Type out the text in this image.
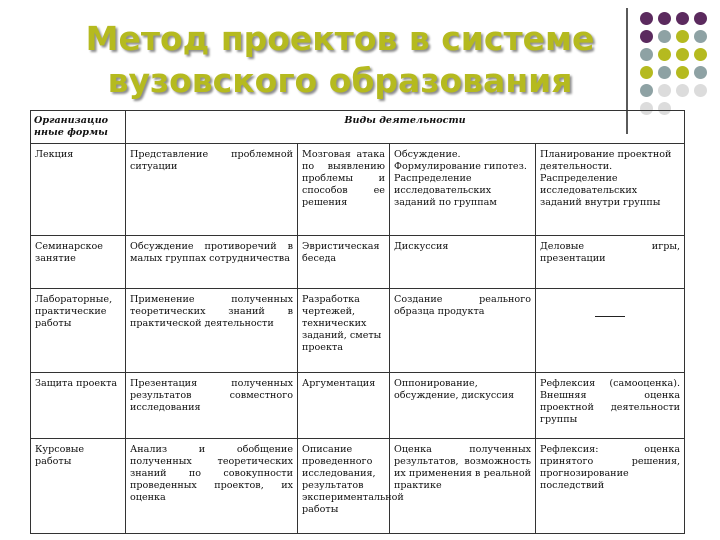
Метод проектов в системе
вузовского образования
Организацио нные формы	Виды деятельности			
Лекция	Представление проблемной ситуации	Мозговая атака по выявлению проблемы и способов ее решения	Обсуждение. Формулирование гипотез. Распределение исследовательских заданий по группам	Планирование проектной деятельности. Распределение исследовательских заданий внутри группы
Семинарское занятие	Обсуждение противоречий в малых группах сотрудничества	Эвристическая беседа	Дискуссия	Деловые игры, презентации
Лабораторные, практические работы	Применение полученных теоретических знаний в практической деятельности	Разработка чертежей, технических заданий, сметы проекта	Создание реального образца продукта	

Защита проекта	Презентация полученных результатов совместного исследования	Аргументация	Оппонирование, обсуждение, дискуссия	Рефлексия (самооценка). Внешняя оценка проектной деятельности группы
Курсовые работы	Анализ и обобщение полученных теоретических знаний по совокупности проведенных проектов, их оценка	Описание проведенного исследования, результатов экспериментальной работы	Оценка полученных результатов, возможность их применения в реальной практике	Рефлексия: оценка принятого решения, прогнозирование последствий
